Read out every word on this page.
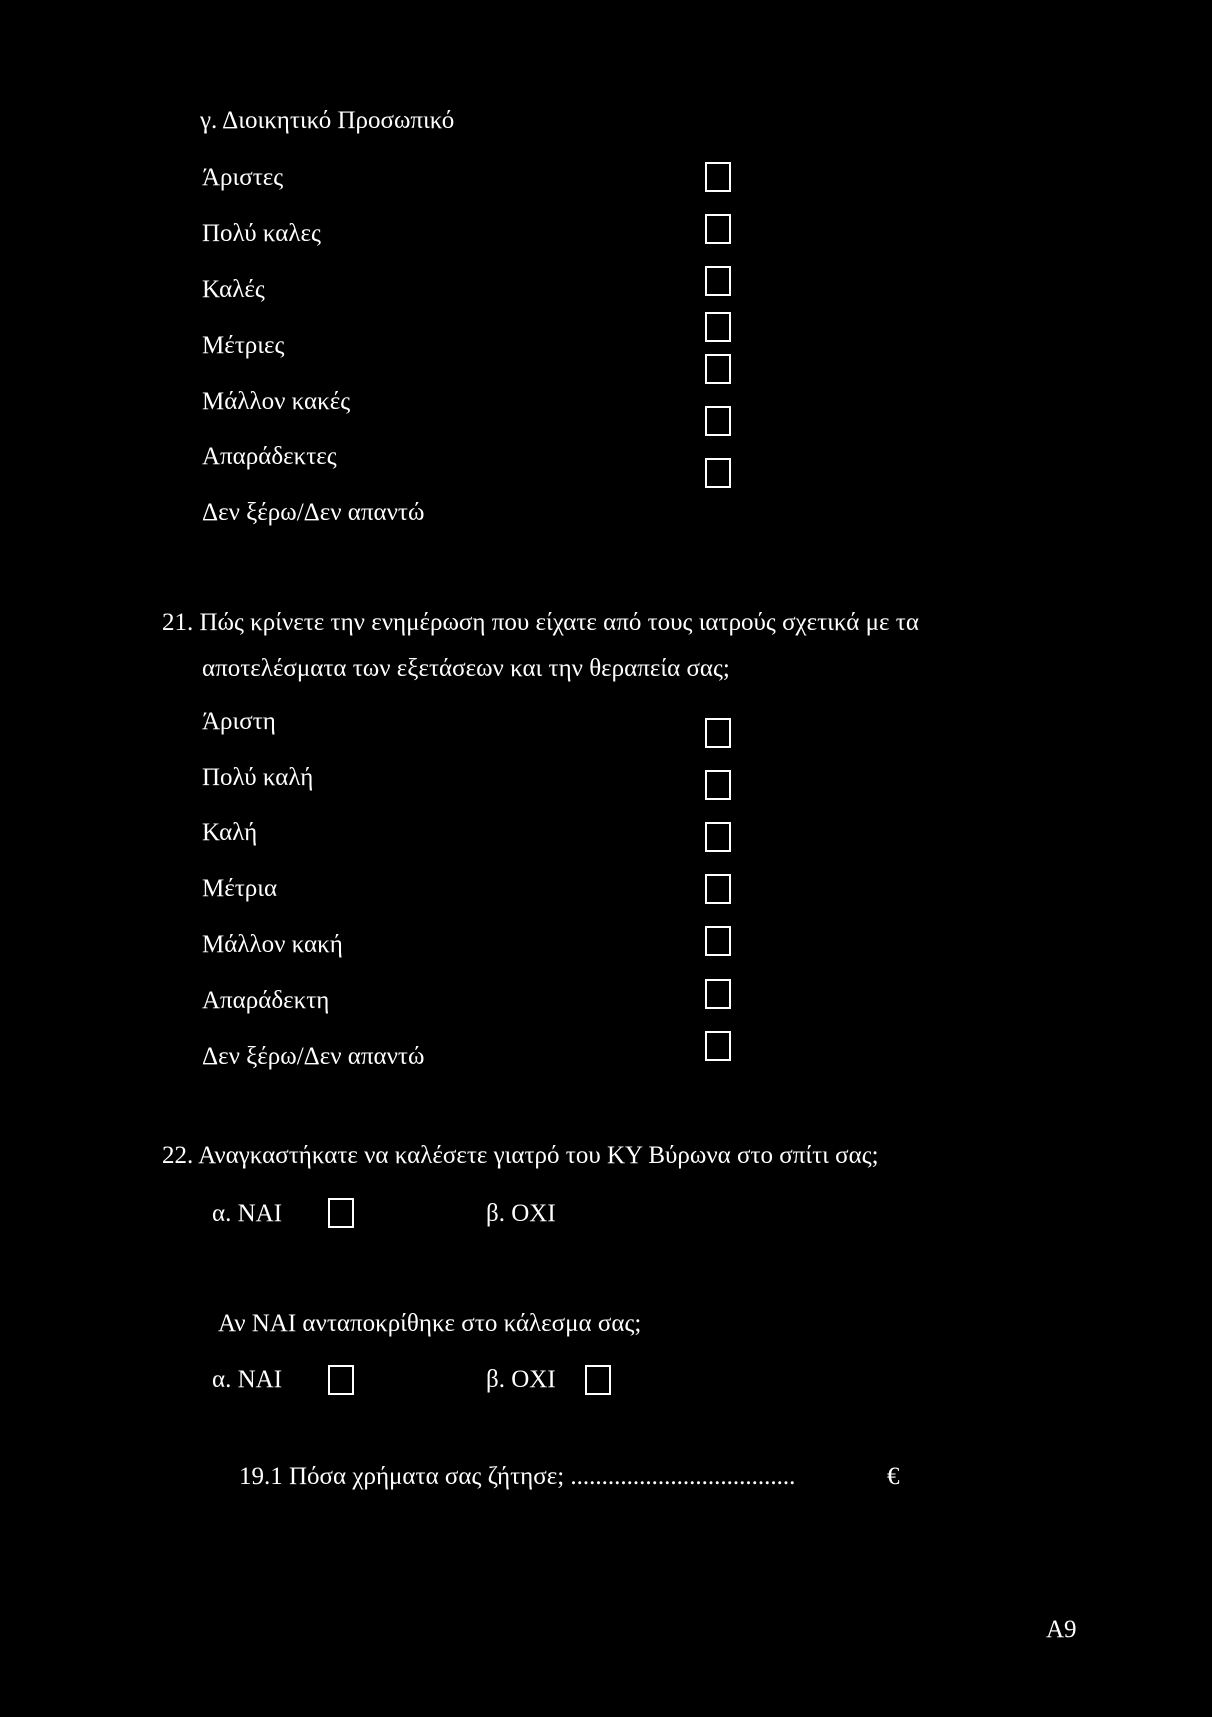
γ. Διοικητικό Προσωπικό
Άριστες
Πολύ καλες
Καλές
Μέτριες
Μάλλον κακές
Απαράδεκτες
Δεν ξέρω/Δεν απαντώ
21. Πώς κρίνετε την ενημέρωση που είχατε από τους ιατρούς σχετικά με τα
αποτελέσματα των εξετάσεων και την θεραπεία σας;
Άριστη
Πολύ καλή
Καλή
Μέτρια
Μάλλον κακή
Απαράδεκτη
Δεν ξέρω/Δεν απαντώ
22. Αναγκαστήκατε να καλέσετε γιατρό του ΚΥ Βύρωνα στο σπίτι σας;
α. ΝΑΙ	β. ΟΧΙ
Αν ΝΑΙ ανταποκρίθηκε στο κάλεσμα σας;
α. ΝΑΙ	β. ΟΧΙ
19.1 Πόσα χρήματα σας ζήτησε; ....................................	€
Α9
